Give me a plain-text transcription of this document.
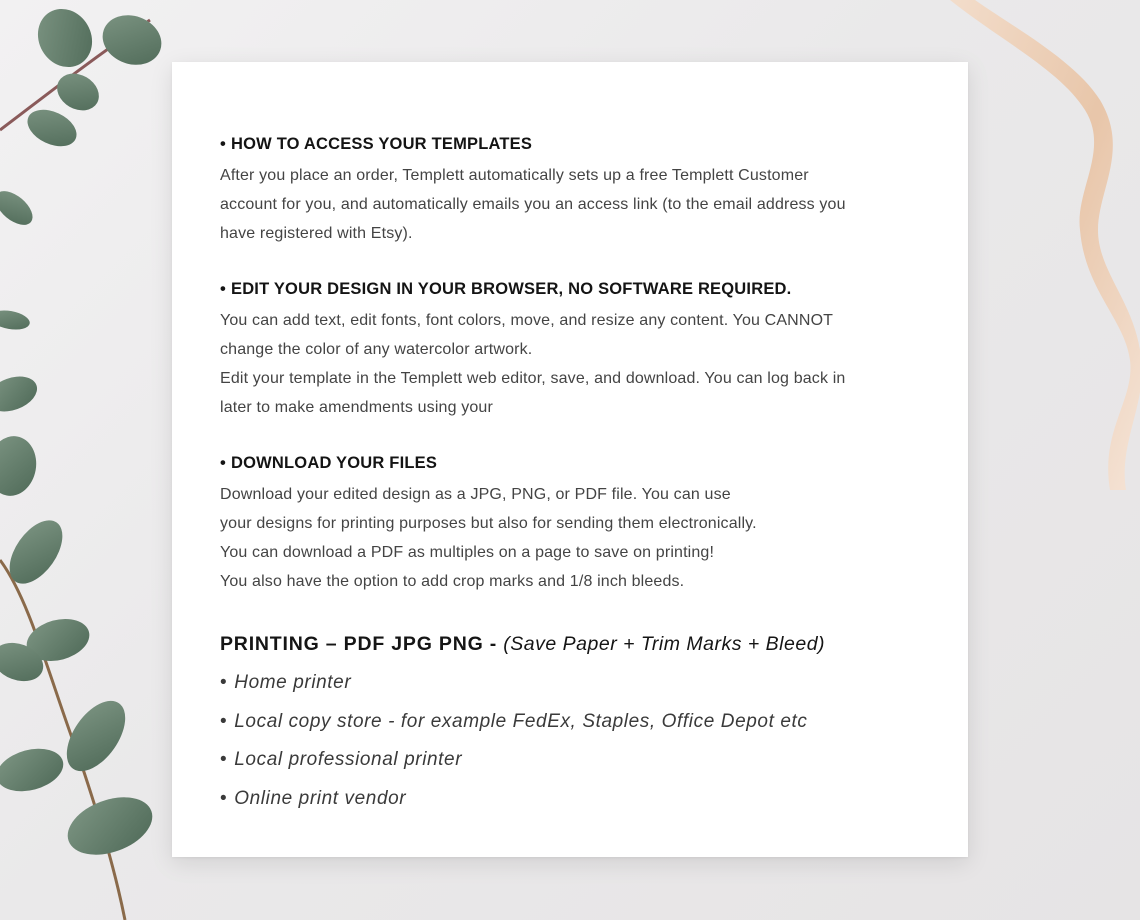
• HOW TO ACCESS YOUR TEMPLATES
After you place an order, Templett automatically sets up a free Templett Customer
account for you, and automatically emails you an access link (to the email address you
have registered with Etsy).
• EDIT YOUR DESIGN IN YOUR BROWSER, NO SOFTWARE REQUIRED.
You can add text, edit fonts, font colors, move, and resize any content. You CANNOT
change the color of any watercolor artwork.
Edit your template in the Templett web editor, save, and download. You can log back in
later to make amendments using your
• DOWNLOAD YOUR FILES
Download your edited design as a JPG, PNG, or PDF file. You can use
your designs for printing purposes but also for sending them electronically.
You can download a PDF as multiples on a page to save on printing!
You also have the option to add crop marks and 1/8 inch bleeds.
PRINTING – PDF JPG PNG - (Save Paper + Trim Marks + Bleed)
• Home printer
• Local copy store - for example FedEx, Staples, Office Depot etc
• Local professional printer
• Online print vendor
